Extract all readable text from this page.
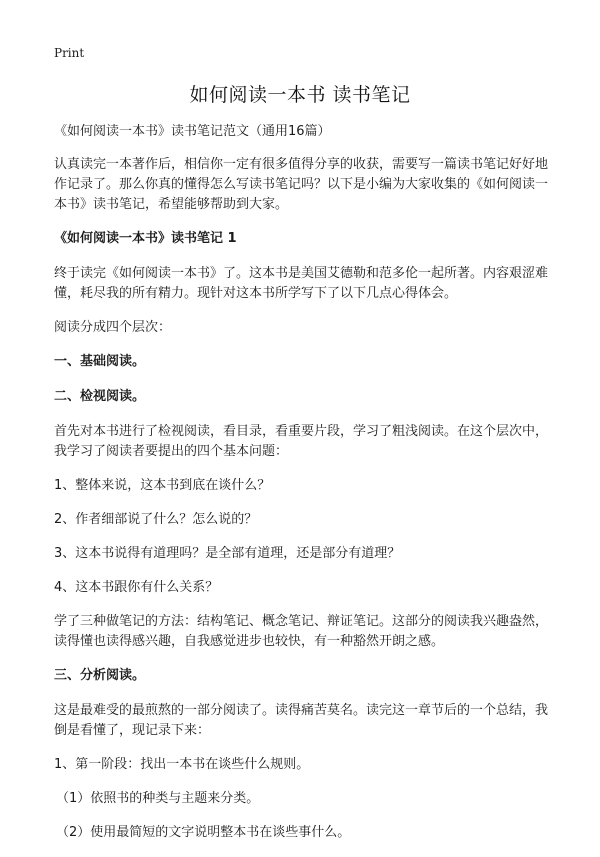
Print
如何阅读一本书 读书笔记

《如何阅读一本书》读书笔记范文（通用16篇）

认真读完一本著作后，相信你一定有很多值得分享的收获，需要写一篇读书笔记好好地作记录了。那么你真的懂得怎么写读书笔记吗？以下是小编为大家收集的《如何阅读一本书》读书笔记，希望能够帮助到大家。

《如何阅读一本书》读书笔记 1

终于读完《如何阅读一本书》了。这本书是美国艾德勒和范多伦一起所著。内容艰涩难懂，耗尽我的所有精力。现针对这本书所学写下了以下几点心得体会。

阅读分成四个层次：

一、基础阅读。

二、检视阅读。

首先对本书进行了检视阅读，看目录，看重要片段，学习了粗浅阅读。在这个层次中，我学习了阅读者要提出的四个基本问题：

1、整体来说，这本书到底在谈什么？

2、作者细部说了什么？怎么说的？

3、这本书说得有道理吗？是全部有道理，还是部分有道理？

4、这本书跟你有什么关系？

学了三种做笔记的方法：结构笔记、概念笔记、辩证笔记。这部分的阅读我兴趣盎然，读得懂也读得感兴趣，自我感觉进步也较快，有一种豁然开朗之感。

三、分析阅读。

这是最难受的最煎熬的一部分阅读了。读得痛苦莫名。读完这一章节后的一个总结，我倒是看懂了，现记录下来：

1、第一阶段：找出一本书在谈些什么规则。

（1）依照书的种类与主题来分类。

（2）使用最简短的文字说明整本书在谈些事什么。
